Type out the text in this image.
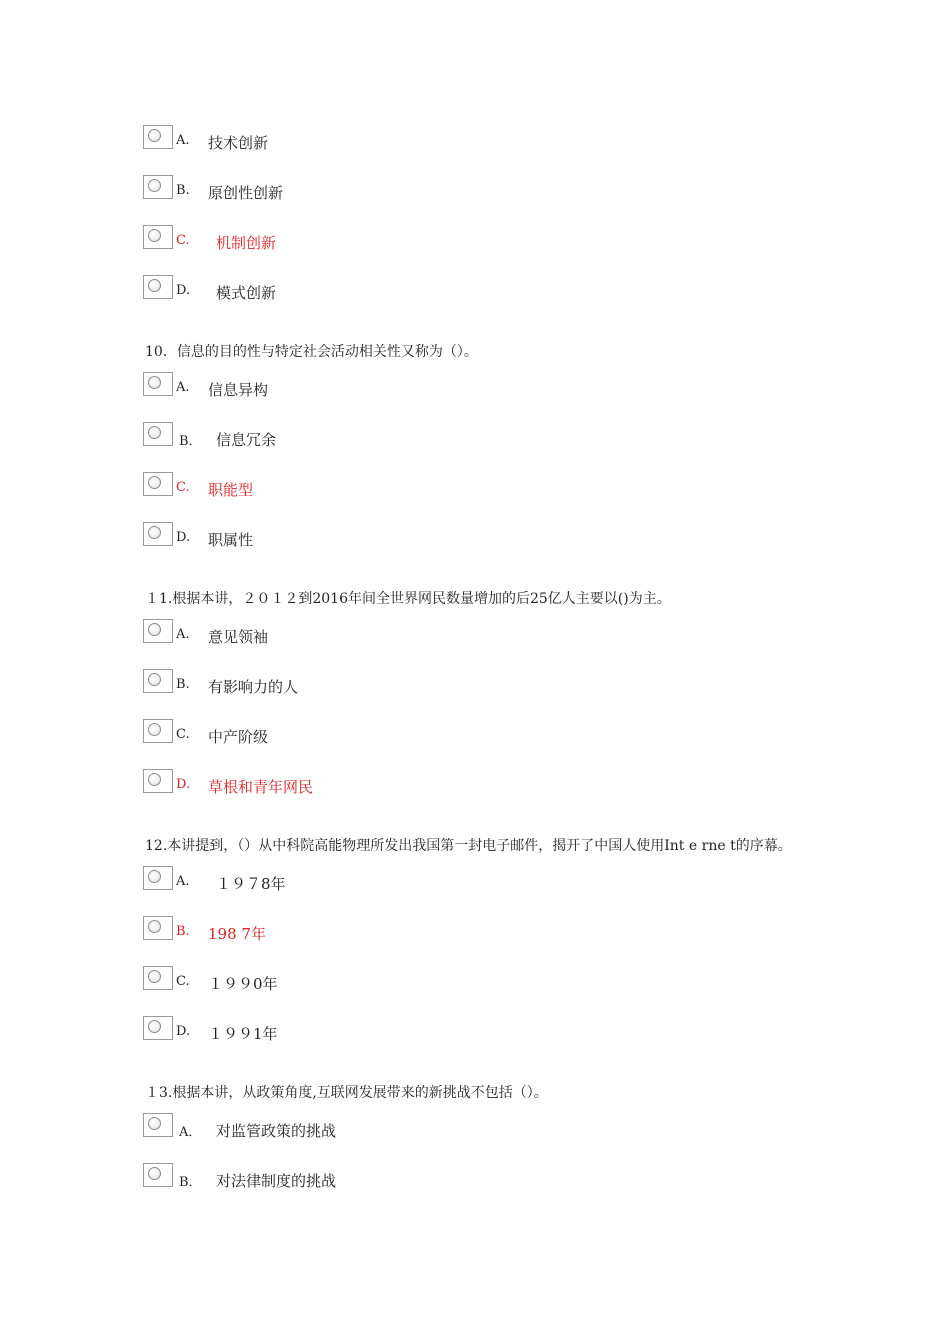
A. 技术创新
B. 原创性创新
C. 机制创新
D. 模式创新
10．信息的目的性与特定社会活动相关性又称为（）。
A. 信息异构
B． 信息冗余
C. 职能型
D. 职属性
１1.根据本讲，２０１２到2016年间全世界网民数量增加的后25亿人主要以()为主。
A. 意见领袖
B. 有影响力的人
C. 中产阶级
D. 草根和青年网民
12.本讲提到，（）从中科院高能物理所发出我国第一封电子邮件，揭开了中国人使用Int e rne t的序幕。
A. １９７8年
B. 198 7年
C. １９９0年
D. １９９1年
１3.根据本讲，从政策角度,互联网发展带来的新挑战不包括（）。
A． 对监管政策的挑战
B． 对法律制度的挑战
